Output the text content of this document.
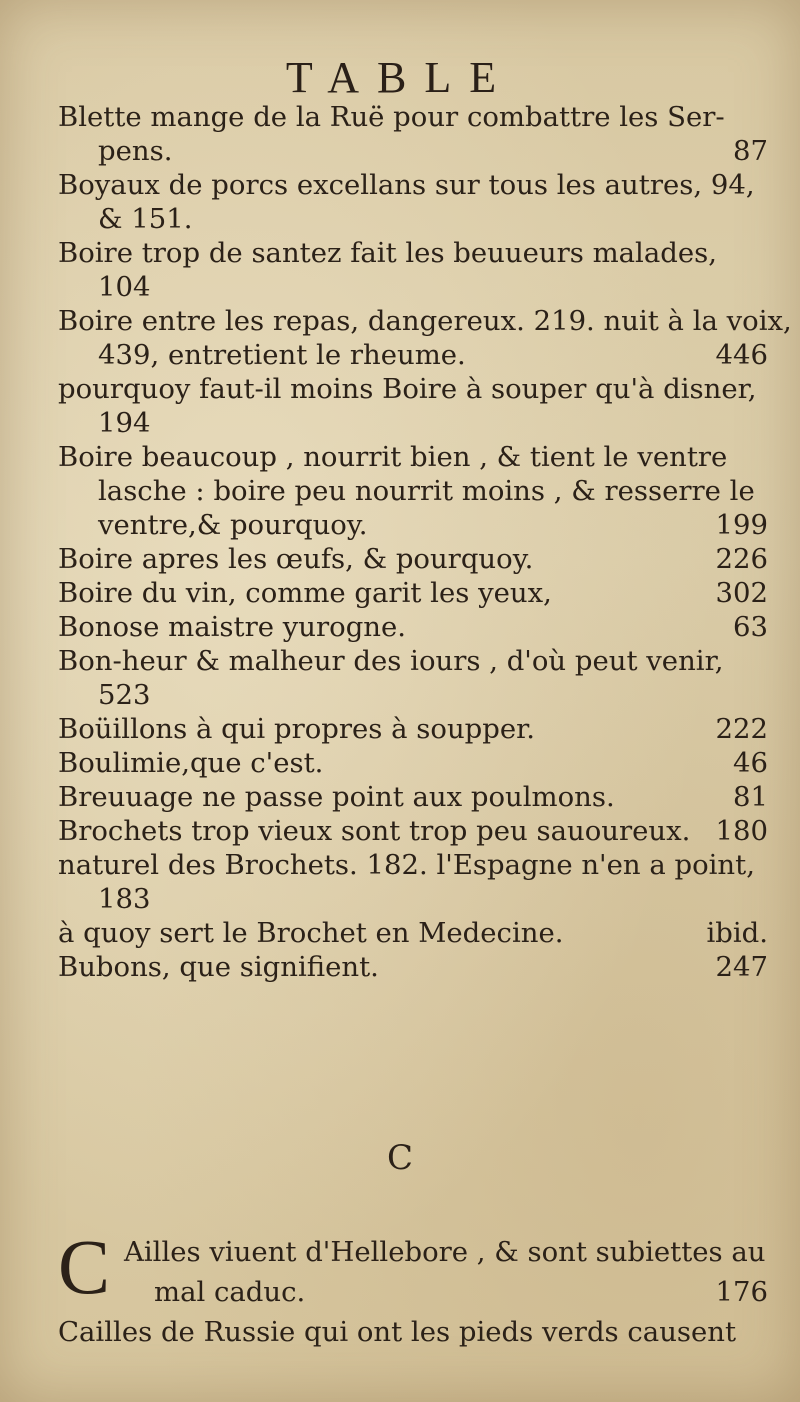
TABLE
Blette mange de la Ruë pour combattre les Ser-
pens.	87
Boyaux de porcs excellans sur tous les autres, 94,
& 151.
Boire trop de santez fait les beuueurs malades,
104
Boire entre les repas, dangereux. 219. nuit à la voix,
439, entretient le rheume.	446
pourquoy faut-il moins Boire à souper qu'à disner,
194
Boire beaucoup , nourrit bien , & tient le ventre
lasche : boire peu nourrit moins , & resserre le
ventre,& pourquoy.	199
Boire apres les œufs, & pourquoy.	226
Boire du vin, comme garit les yeux,	302
Bonose maistre yurogne.	63
Bon-heur & malheur des iours , d'où peut venir,
523
Boüillons à qui propres à soupper.	222
Boulimie,que c'est.	46
Breuuage ne passe point aux poulmons.	81
Brochets trop vieux sont trop peu sauoureux. 180
naturel des Brochets. 182. l'Espagne n'en a point,
183
à quoy sert le Brochet en Medecine.	ibid.
Bubons, que signifient.	247
C
C Ailles viuent d'Hellebore , & sont subiettes au
mal caduc.	176
Cailles de Russie qui ont les pieds verds causent
